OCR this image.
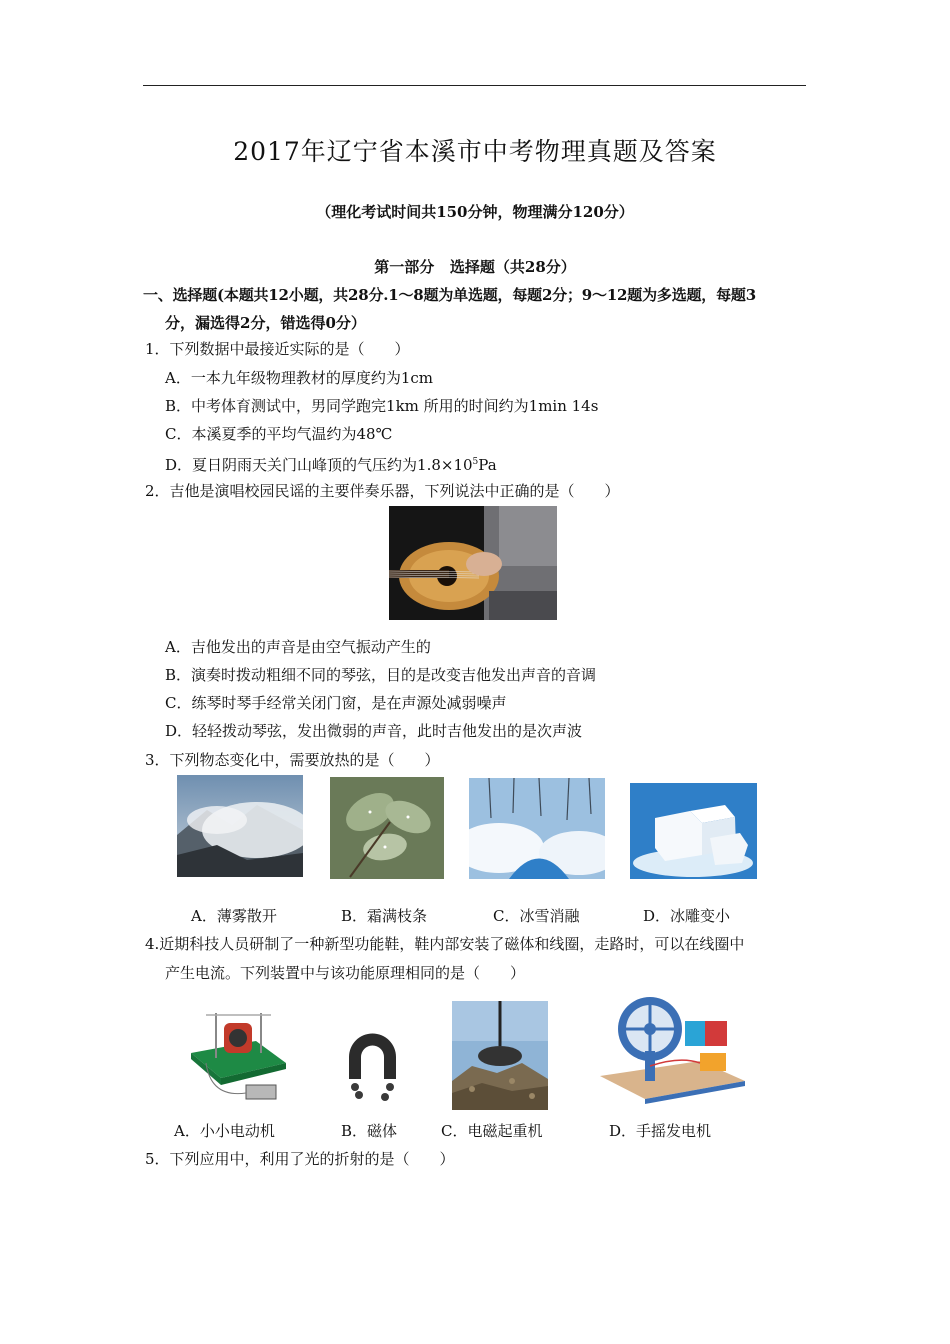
2017年辽宁省本溪市中考物理真题及答案
（理化考试时间共150分钟，物理满分120分）
第一部分   选择题（共28分）
一、选择题(本题共12小题，共28分.1～8题为单选题，每题2分；9～12题为多选题，每题3
分，漏选得2分，错选得0分）
1．下列数据中最接近实际的是（　　）
A．一本九年级物理教材的厚度约为1cm
B．中考体育测试中，男同学跑完1km 所用的时间约为1min 14s
C．本溪夏季的平均气温约为48℃
D．夏日阴雨天关门山峰顶的气压约为$1.8\times 10^5Pa$
2．吉他是演唱校园民谣的主要伴奏乐器，下列说法中正确的是（　　）
A．吉他发出的声音是由空气振动产生的
B．演奏时拨动粗细不同的琴弦，目的是改变吉他发出声音的音调
C．练琴时琴手经常关闭门窗，是在声源处减弱噪声
D．轻轻拨动琴弦，发出微弱的声音，此时吉他发出的是次声波
3．下列物态变化中，需要放热的是（　　）
A．薄雾散开	B．霜满枝条	C．冰雪消融	D．冰雕变小
4.近期科技人员研制了一种新型功能鞋，鞋内部安装了磁体和线圈，走路时，可以在线圈中
产生电流。下列装置中与该功能原理相同的是（　　）
A．小小电动机	B．磁体	C．电磁起重机	D．手摇发电机
5．下列应用中，利用了光的折射的是（　　）
